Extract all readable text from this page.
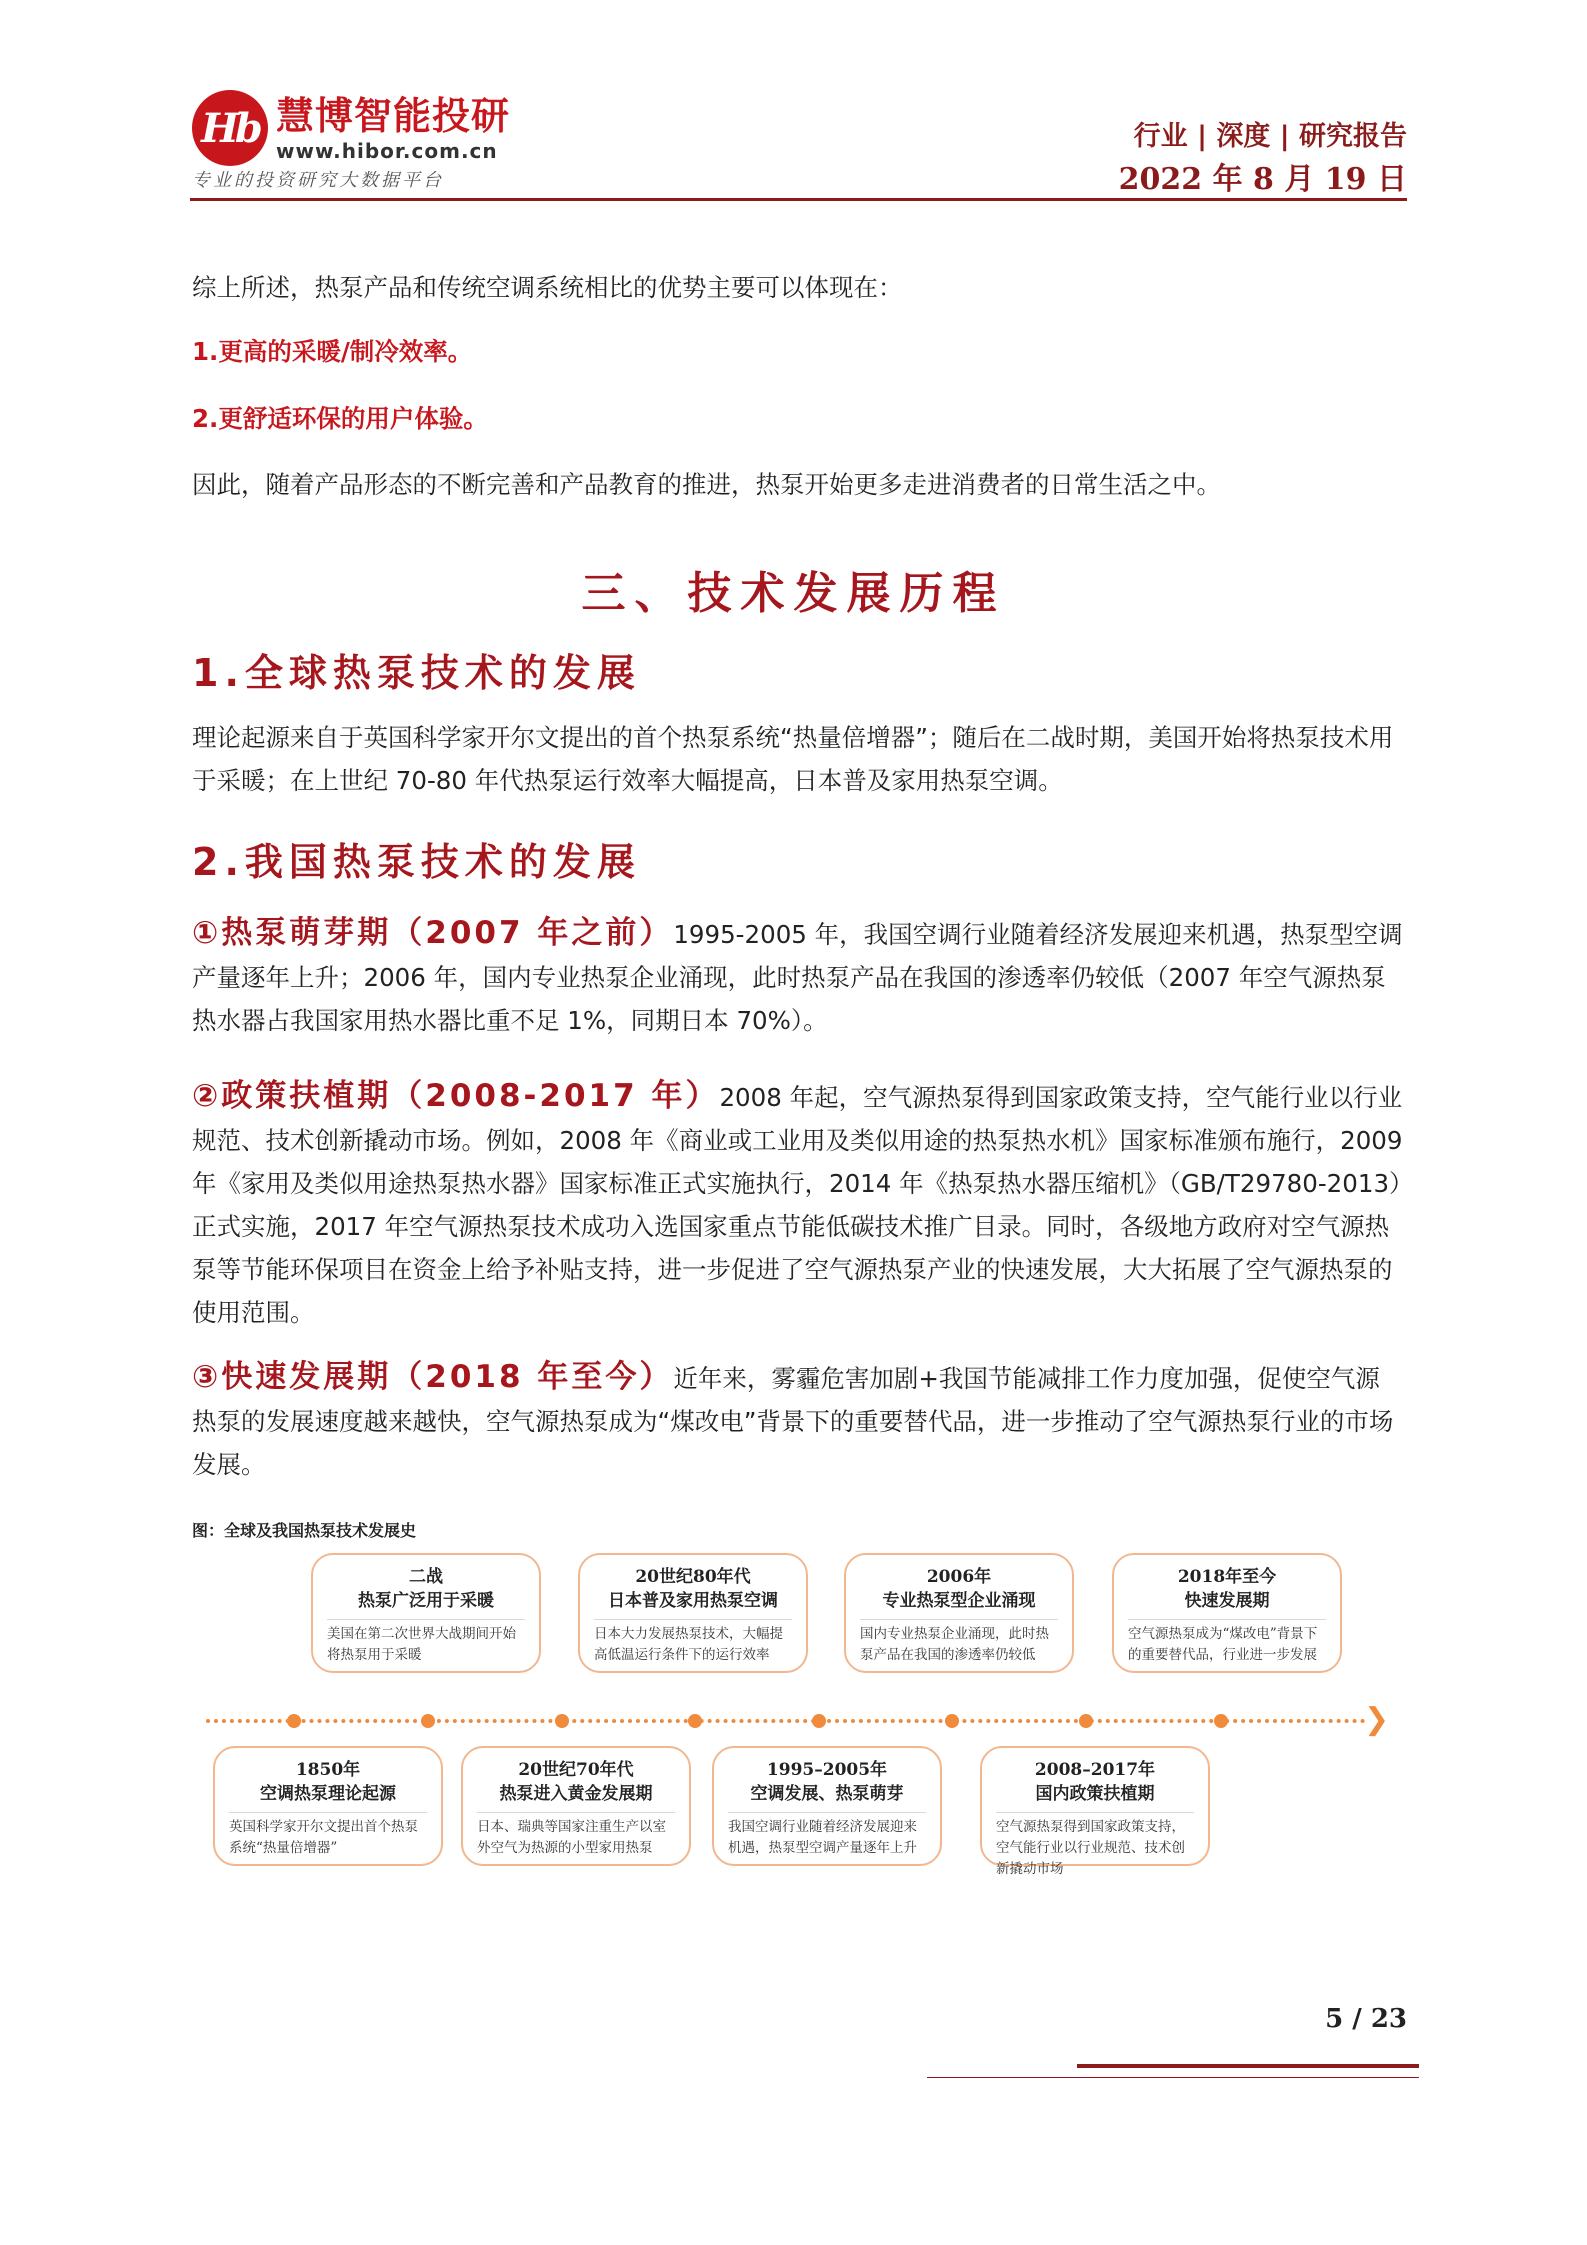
Hb 慧博智能投研
www.hibor.com.cn
专业的投资研究大数据平台
行业 | 深度 | 研究报告
2022 年 8 月 19 日
综上所述，热泵产品和传统空调系统相比的优势主要可以体现在：
1.更高的采暖/制冷效率。
2.更舒适环保的用户体验。
因此，随着产品形态的不断完善和产品教育的推进，热泵开始更多走进消费者的日常生活之中。
三、技术发展历程
1.全球热泵技术的发展
理论起源来自于英国科学家开尔文提出的首个热泵系统“热量倍增器”；随后在二战时期，美国开始将热泵技术用于采暖；在上世纪 70-80 年代热泵运行效率大幅提高，日本普及家用热泵空调。
2.我国热泵技术的发展
①热泵萌芽期（2007 年之前）1995-2005 年，我国空调行业随着经济发展迎来机遇，热泵型空调产量逐年上升；2006 年，国内专业热泵企业涌现，此时热泵产品在我国的渗透率仍较低（2007 年空气源热泵热水器占我国家用热水器比重不足 1%，同期日本 70%）。
②政策扶植期（2008-2017 年）2008 年起，空气源热泵得到国家政策支持，空气能行业以行业规范、技术创新撬动市场。例如，2008 年《商业或工业用及类似用途的热泵热水机》国家标准颁布施行，2009 年《家用及类似用途热泵热水器》国家标准正式实施执行，2014 年《热泵热水器压缩机》（GB/T29780-2013）正式实施，2017 年空气源热泵技术成功入选国家重点节能低碳技术推广目录。同时，各级地方政府对空气源热泵等节能环保项目在资金上给予补贴支持，进一步促进了空气源热泵产业的快速发展，大大拓展了空气源热泵的使用范围。
③快速发展期（2018 年至今）近年来，雾霾危害加剧+我国节能减排工作力度加强，促使空气源热泵的发展速度越来越快，空气源热泵成为“煤改电”背景下的重要替代品，进一步推动了空气源热泵行业的市场发展。
图：全球及我国热泵技术发展史
二战
热泵广泛用于采暖
美国在第二次世界大战期间开始将热泵用于采暖
20世纪80年代
日本普及家用热泵空调
日本大力发展热泵技术，大幅提高低温运行条件下的运行效率
2006年
专业热泵型企业涌现
国内专业热泵企业涌现，此时热泵产品在我国的渗透率仍较低
2018年至今
快速发展期
空气源热泵成为“煤改电”背景下的重要替代品，行业进一步发展
❯
1850年
空调热泵理论起源
英国科学家开尔文提出首个热泵系统“热量倍增器”
20世纪70年代
热泵进入黄金发展期
日本、瑞典等国家注重生产以室外空气为热源的小型家用热泵
1995–2005年
空调发展、热泵萌芽
我国空调行业随着经济发展迎来机遇，热泵型空调产量逐年上升
2008–2017年
国内政策扶植期
空气源热泵得到国家政策支持，空气能行业以行业规范、技术创新撬动市场
5 / 23
